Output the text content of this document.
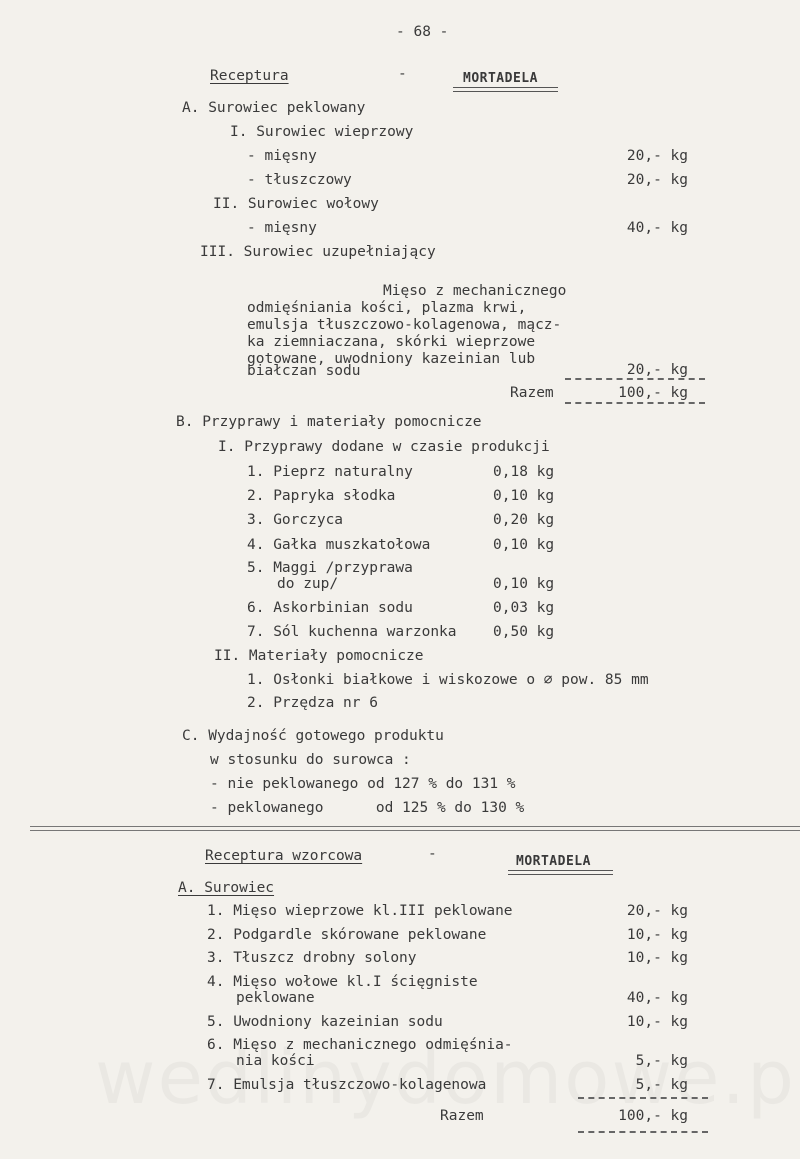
- 68 -
Receptura	-	MORTADELA
A. Surowiec peklowany
I. Surowiec wieprzowy
- mięsny	20,- kg
- tłuszczowy	20,- kg
II. Surowiec wołowy
- mięsny	40,- kg
III. Surowiec uzupełniający
Mięso z mechanicznego
odmięśniania kości, plazma krwi,
emulsja tłuszczowo-kolagenowa, mącz-
ka ziemniaczana, skórki wieprzowe
gotowane, uwodniony kazeinian lub
białczan sodu	20,- kg
Razem	100,- kg
B. Przyprawy i materiały pomocnicze
I. Przyprawy dodane w czasie produkcji
1. Pieprz naturalny	0,18 kg
2. Papryka słodka	0,10 kg
3. Gorczyca	0,20 kg
4. Gałka muszkatołowa	0,10 kg
5. Maggi /przyprawa
do zup/	0,10 kg
6. Askorbinian sodu	0,03 kg
7. Sól kuchenna warzonka	0,50 kg
II. Materiały pomocnicze
1. Osłonki białkowe i wiskozowe o ∅ pow. 85 mm
2. Przędza nr 6
C. Wydajność gotowego produktu
w stosunku do surowca :
- nie peklowanego od 127 % do 131 %
- peklowanego      od 125 % do 130 %
Receptura wzorcowa	-	MORTADELA
A. Surowiec
1. Mięso wieprzowe kl.III peklowane	20,- kg
2. Podgardle skórowane peklowane	10,- kg
3. Tłuszcz drobny solony	10,- kg
4. Mięso wołowe kl.I ścięgniste
peklowane	40,- kg
5. Uwodniony kazeinian sodu	10,- kg
6. Mięso z mechanicznego odmięśnia-
nia kości	5,- kg
7. Emulsja tłuszczowo-kolagenowa	5,- kg
Razem	100,- kg
